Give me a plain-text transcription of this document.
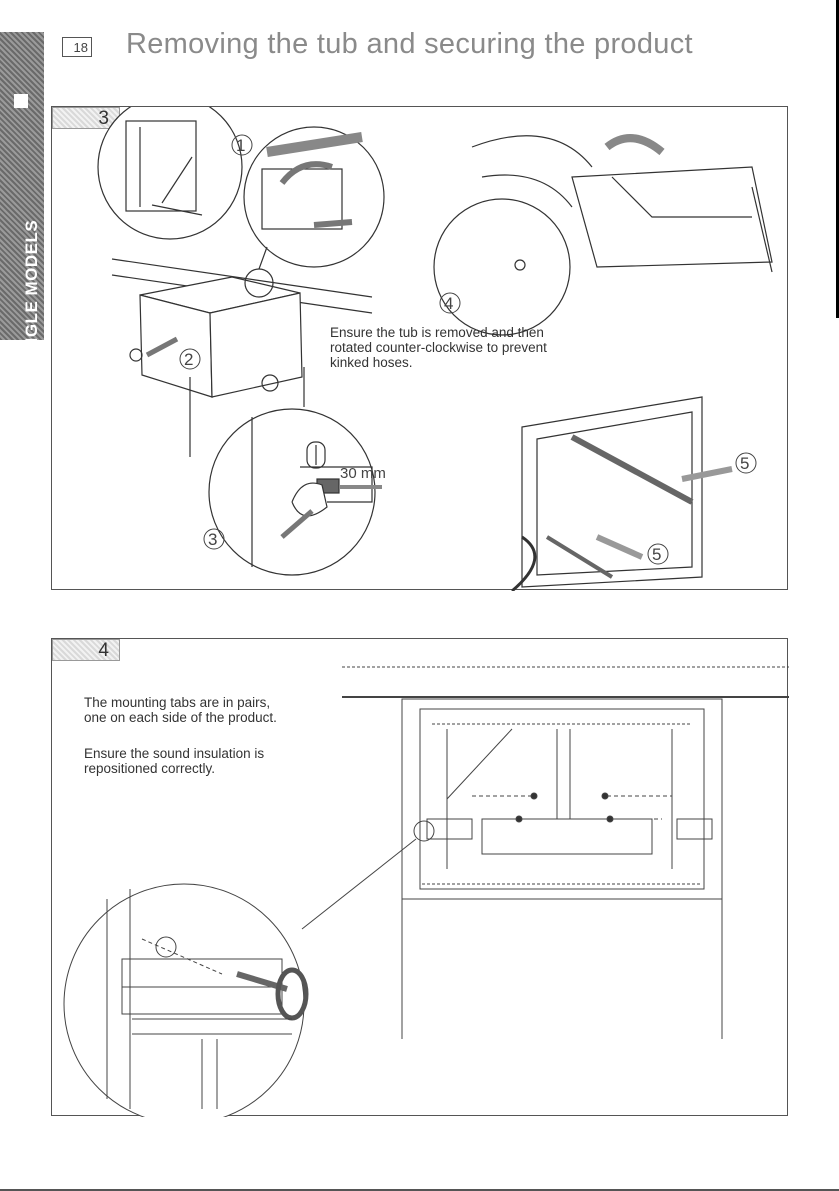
SINGLE MODELS
18 Removing the tub and securing the product
3
1
2
3
4
5
5
30 mm
Ensure the tub is removed and then rotated counter-clockwise to prevent kinked hoses.
4
The mounting tabs are in pairs, one on each side of the product.
Ensure the sound insulation is repositioned correctly.
